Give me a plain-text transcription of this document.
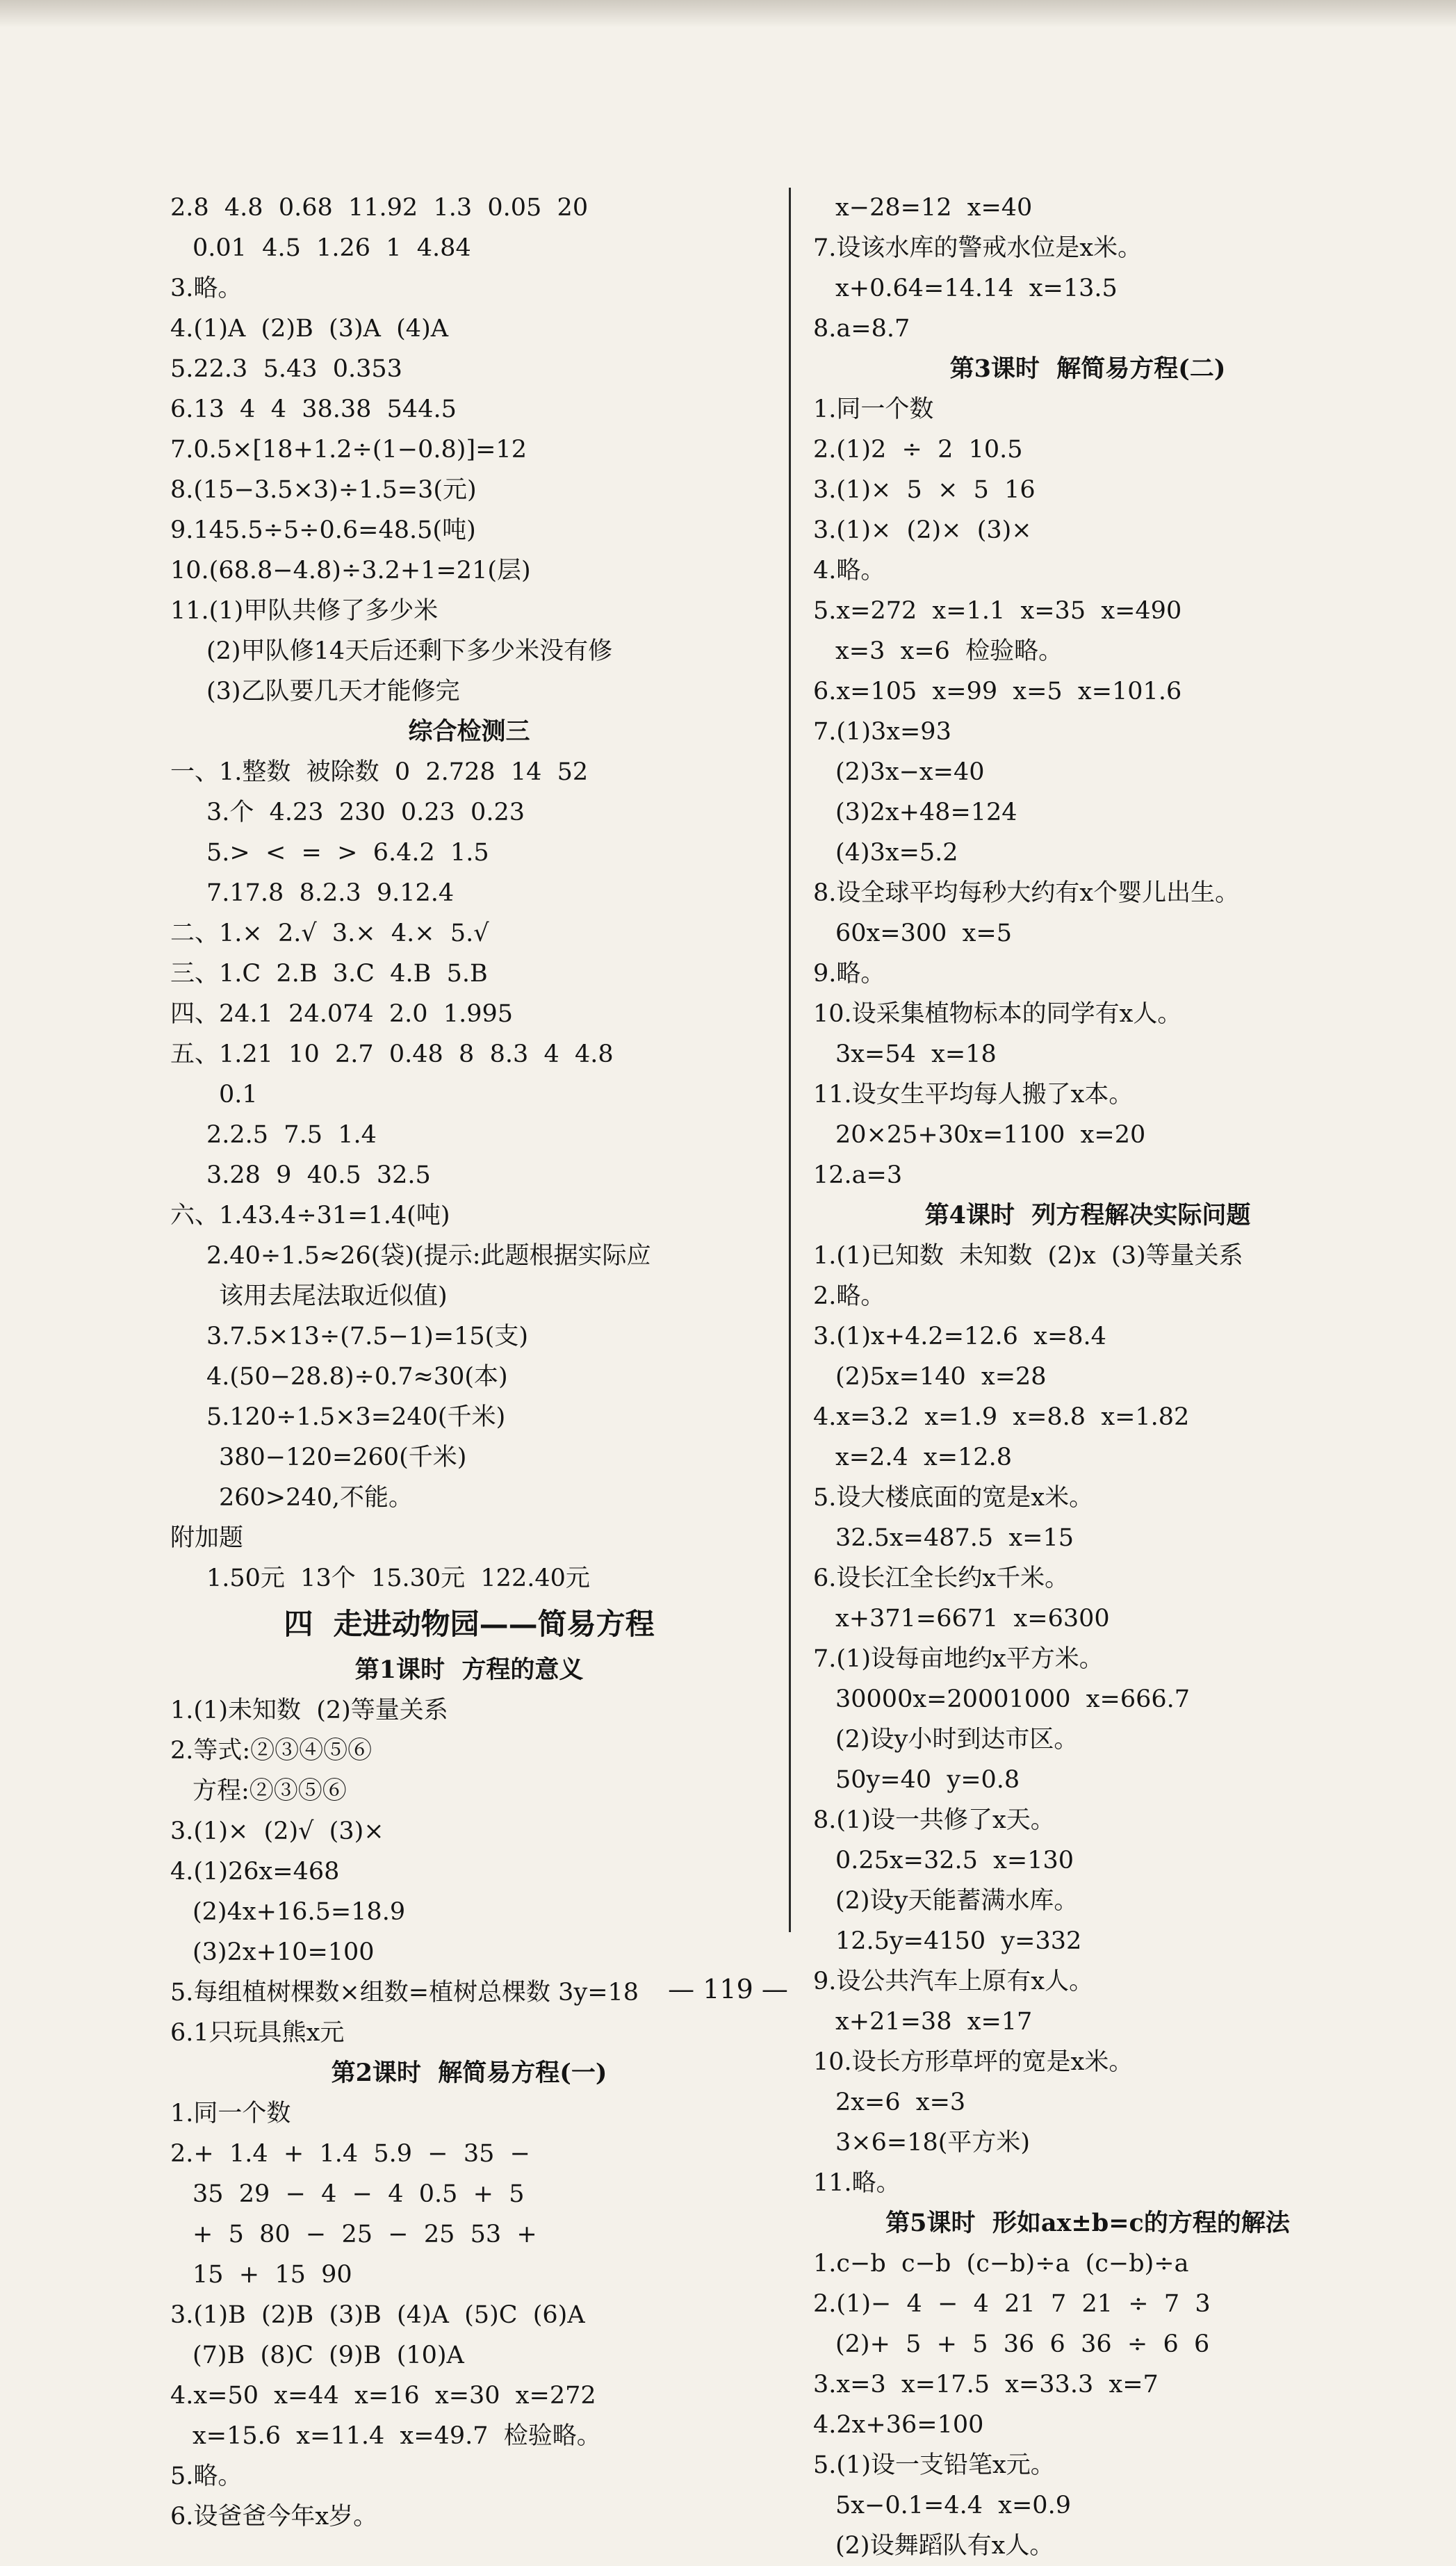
2.8  4.8  0.68  11.92  1.3  0.05  20
0.01  4.5  1.26  1  4.84
3.略。
4.(1)A  (2)B  (3)A  (4)A
5.22.3  5.43  0.353
6.13  4  4  38.38  544.5
7.0.5×[18+1.2÷(1−0.8)]=12
8.(15−3.5×3)÷1.5=3(元)
9.145.5÷5÷0.6=48.5(吨)
10.(68.8−4.8)÷3.2+1=21(层)
11.(1)甲队共修了多少米
(2)甲队修14天后还剩下多少米没有修
(3)乙队要几天才能修完
综合检测三
一、1.整数  被除数  0  2.728  14  52
3.个  4.23  230  0.23  0.23
5.>  <  =  >  6.4.2  1.5
7.17.8  8.2.3  9.12.4
二、1.×  2.√  3.×  4.×  5.√
三、1.C  2.B  3.C  4.B  5.B
四、24.1  24.074  2.0  1.995
五、1.21  10  2.7  0.48  8  8.3  4  4.8
0.1
2.2.5  7.5  1.4
3.28  9  40.5  32.5
六、1.43.4÷31=1.4(吨)
2.40÷1.5≈26(袋)(提示:此题根据实际应
该用去尾法取近似值)
3.7.5×13÷(7.5−1)=15(支)
4.(50−28.8)÷0.7≈30(本)
5.120÷1.5×3=240(千米)
380−120=260(千米)
260>240,不能。
附加题
1.50元  13个  15.30元  122.40元
四  走进动物园——简易方程
第1课时  方程的意义
1.(1)未知数  (2)等量关系
2.等式:②③④⑤⑥
方程:②③⑤⑥
3.(1)×  (2)√  (3)×
4.(1)26x=468
(2)4x+16.5=18.9
(3)2x+10=100
5.每组植树棵数×组数=植树总棵数 3y=18
6.1只玩具熊x元
第2课时  解简易方程(一)
1.同一个数
2.+  1.4  +  1.4  5.9  −  35  −
35  29  −  4  −  4  0.5  +  5
+  5  80  −  25  −  25  53  +
15  +  15  90
3.(1)B  (2)B  (3)B  (4)A  (5)C  (6)A
(7)B  (8)C  (9)B  (10)A
4.x=50  x=44  x=16  x=30  x=272
x=15.6  x=11.4  x=49.7  检验略。
5.略。
6.设爸爸今年x岁。
x−28=12  x=40
7.设该水库的警戒水位是x米。
x+0.64=14.14  x=13.5
8.a=8.7
第3课时  解简易方程(二)
1.同一个数
2.(1)2  ÷  2  10.5
3.(1)×  5  ×  5  16
3.(1)×  (2)×  (3)×
4.略。
5.x=272  x=1.1  x=35  x=490
x=3  x=6  检验略。
6.x=105  x=99  x=5  x=101.6
7.(1)3x=93
(2)3x−x=40
(3)2x+48=124
(4)3x=5.2
8.设全球平均每秒大约有x个婴儿出生。
60x=300  x=5
9.略。
10.设采集植物标本的同学有x人。
3x=54  x=18
11.设女生平均每人搬了x本。
20×25+30x=1100  x=20
12.a=3
第4课时  列方程解决实际问题
1.(1)已知数  未知数  (2)x  (3)等量关系
2.略。
3.(1)x+4.2=12.6  x=8.4
(2)5x=140  x=28
4.x=3.2  x=1.9  x=8.8  x=1.82
x=2.4  x=12.8
5.设大楼底面的宽是x米。
32.5x=487.5  x=15
6.设长江全长约x千米。
x+371=6671  x=6300
7.(1)设每亩地约x平方米。
30000x=20001000  x=666.7
(2)设y小时到达市区。
50y=40  y=0.8
8.(1)设一共修了x天。
0.25x=32.5  x=130
(2)设y天能蓄满水库。
12.5y=4150  y=332
9.设公共汽车上原有x人。
x+21=38  x=17
10.设长方形草坪的宽是x米。
2x=6  x=3
3×6=18(平方米)
11.略。
第5课时  形如ax±b=c的方程的解法
1.c−b  c−b  (c−b)÷a  (c−b)÷a
2.(1)−  4  −  4  21  7  21  ÷  7  3
(2)+  5  +  5  36  6  36  ÷  6  6
3.x=3  x=17.5  x=33.3  x=7
4.2x+36=100
5.(1)设一支铅笔x元。
5x−0.1=4.4  x=0.9
(2)设舞蹈队有x人。
— 119 —
